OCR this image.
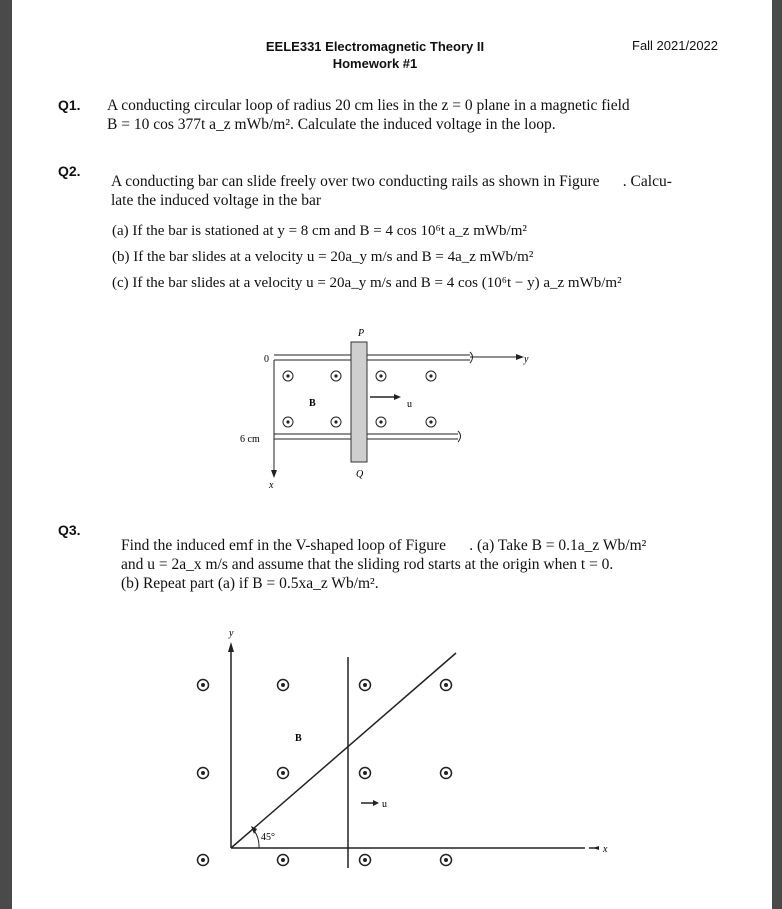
EELE331 Electromagnetic Theory II
Homework #1
Fall 2021/2022
Q1. A conducting circular loop of radius 20 cm lies in the z = 0 plane in a magnetic field
B = 10 cos 377t a_z mWb/m². Calculate the induced voltage in the loop.
Q2.
A conducting bar can slide freely over two conducting rails as shown in Figure      . Calcu-
late the induced voltage in the bar
(a) If the bar is stationed at y = 8 cm and B = 4 cos 10⁶t a_z mWb/m²
(b) If the bar slides at a velocity u = 20a_y m/s and B = 4a_z mWb/m²
(c) If the bar slides at a velocity u = 20a_y m/s and B = 4 cos (10⁶t − y) a_z mWb/m²
P
Q
0	y
x
B	u
6 cm
Q3.
Find the induced emf in the V-shaped loop of Figure      . (a) Take B = 0.1a_z Wb/m²
and u = 2a_x m/s and assume that the sliding rod starts at the origin when t = 0.
(b) Repeat part (a) if B = 0.5xa_z Wb/m².
y
x
45°
u
B
